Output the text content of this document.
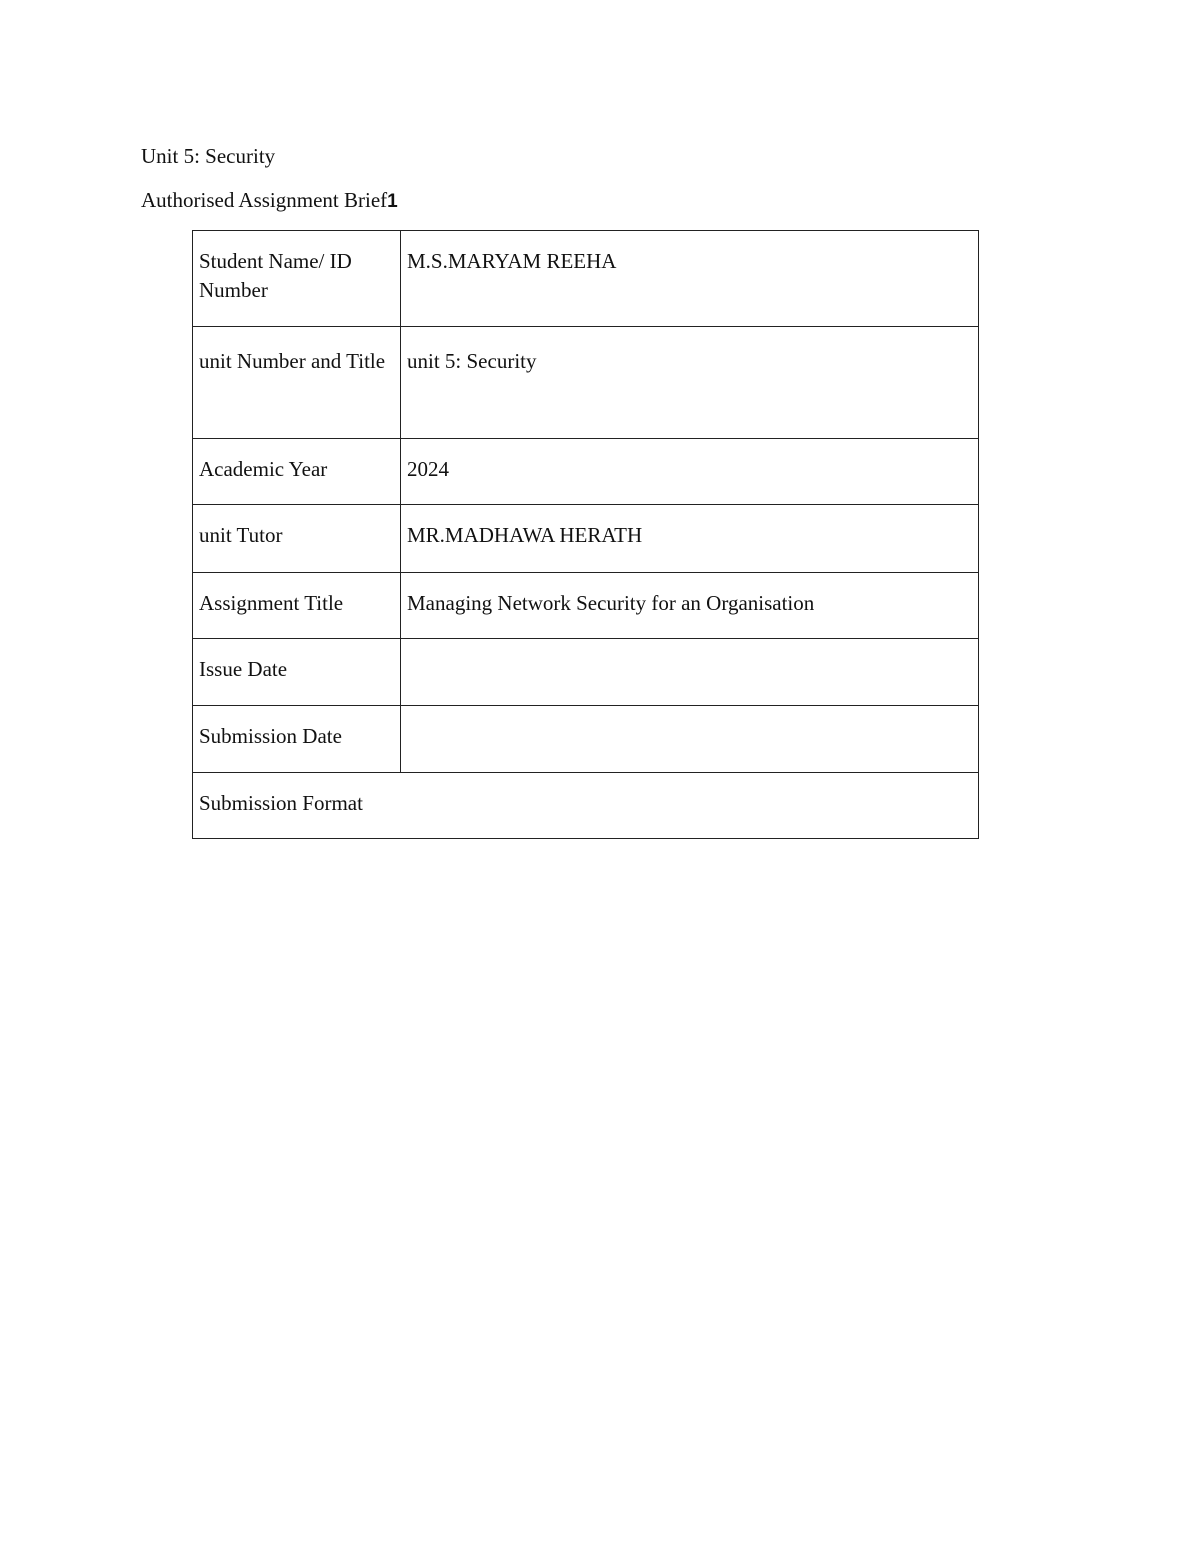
Unit 5: Security
Authorised Assignment Brief1
Student Name/ ID Number	M.S.MARYAM REEHA
unit Number and Title	unit 5: Security
Academic Year	2024
unit Tutor	MR.MADHAWA HERATH
Assignment Title	Managing Network Security for an Organisation
Issue Date	
Submission Date	
Submission Format	
